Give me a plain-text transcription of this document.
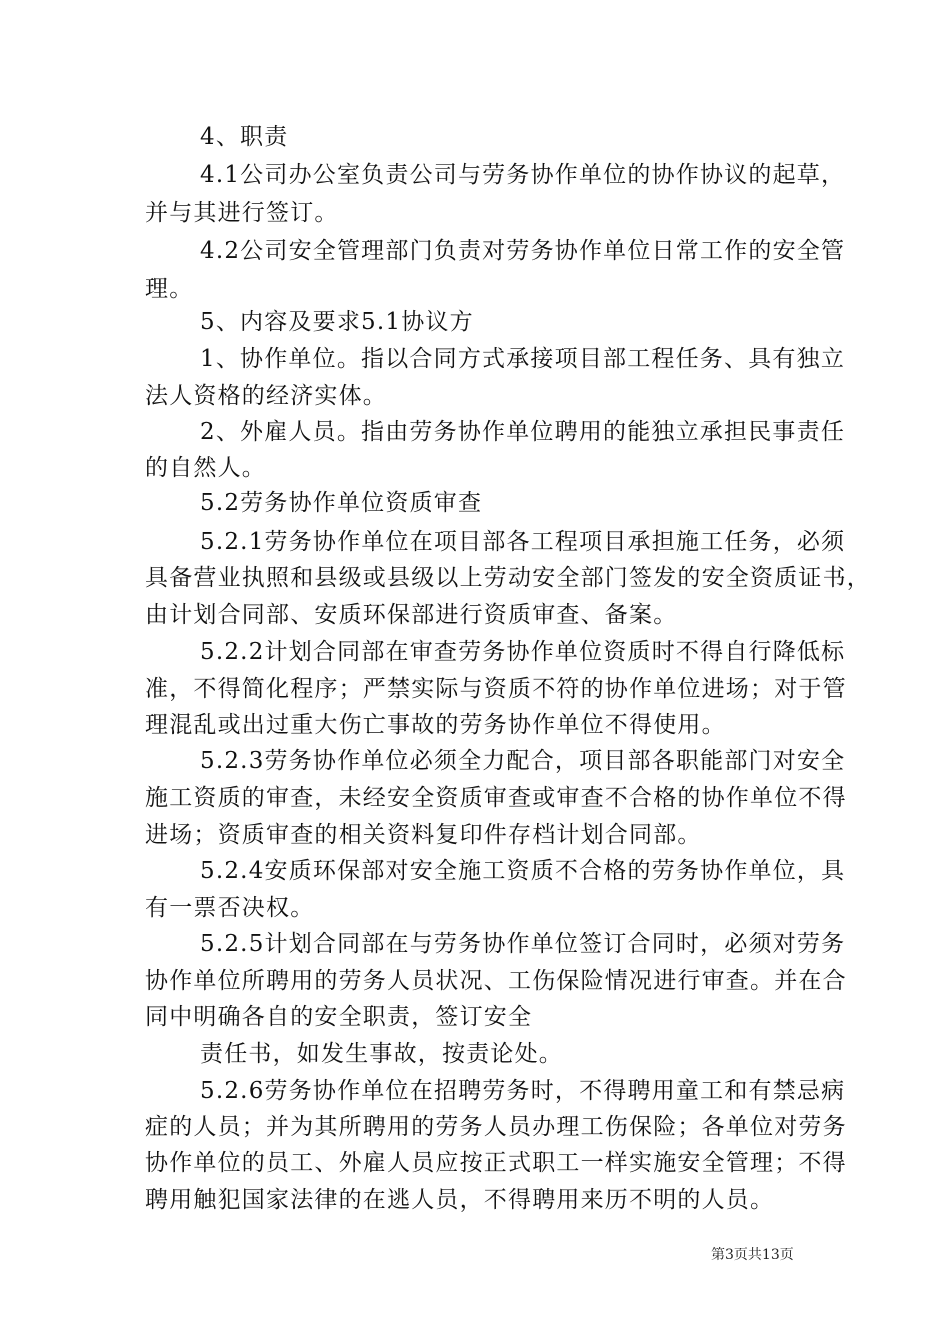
4、职责
4.1公司办公室负责公司与劳务协作单位的协作协议的起草，
并与其进行签订。
4.2公司安全管理部门负责对劳务协作单位日常工作的安全管
理。
5、内容及要求5.1协议方
1、协作单位。指以合同方式承接项目部工程任务、具有独立
法人资格的经济实体。
2、外雇人员。指由劳务协作单位聘用的能独立承担民事责任
的自然人。
5.2劳务协作单位资质审查
5.2.1劳务协作单位在项目部各工程项目承担施工任务，必须
具备营业执照和县级或县级以上劳动安全部门签发的安全资质证书，
由计划合同部、安质环保部进行资质审查、备案。
5.2.2计划合同部在审查劳务协作单位资质时不得自行降低标
准，不得简化程序；严禁实际与资质不符的协作单位进场；对于管
理混乱或出过重大伤亡事故的劳务协作单位不得使用。
5.2.3劳务协作单位必须全力配合，项目部各职能部门对安全
施工资质的审查，未经安全资质审查或审查不合格的协作单位不得
进场；资质审查的相关资料复印件存档计划合同部。
5.2.4安质环保部对安全施工资质不合格的劳务协作单位，具
有一票否决权。
5.2.5计划合同部在与劳务协作单位签订合同时，必须对劳务
协作单位所聘用的劳务人员状况、工伤保险情况进行审查。并在合
同中明确各自的安全职责，签订安全
责任书，如发生事故，按责论处。
5.2.6劳务协作单位在招聘劳务时，不得聘用童工和有禁忌病
症的人员；并为其所聘用的劳务人员办理工伤保险；各单位对劳务
协作单位的员工、外雇人员应按正式职工一样实施安全管理；不得
聘用触犯国家法律的在逃人员，不得聘用来历不明的人员。
第3页共13页
